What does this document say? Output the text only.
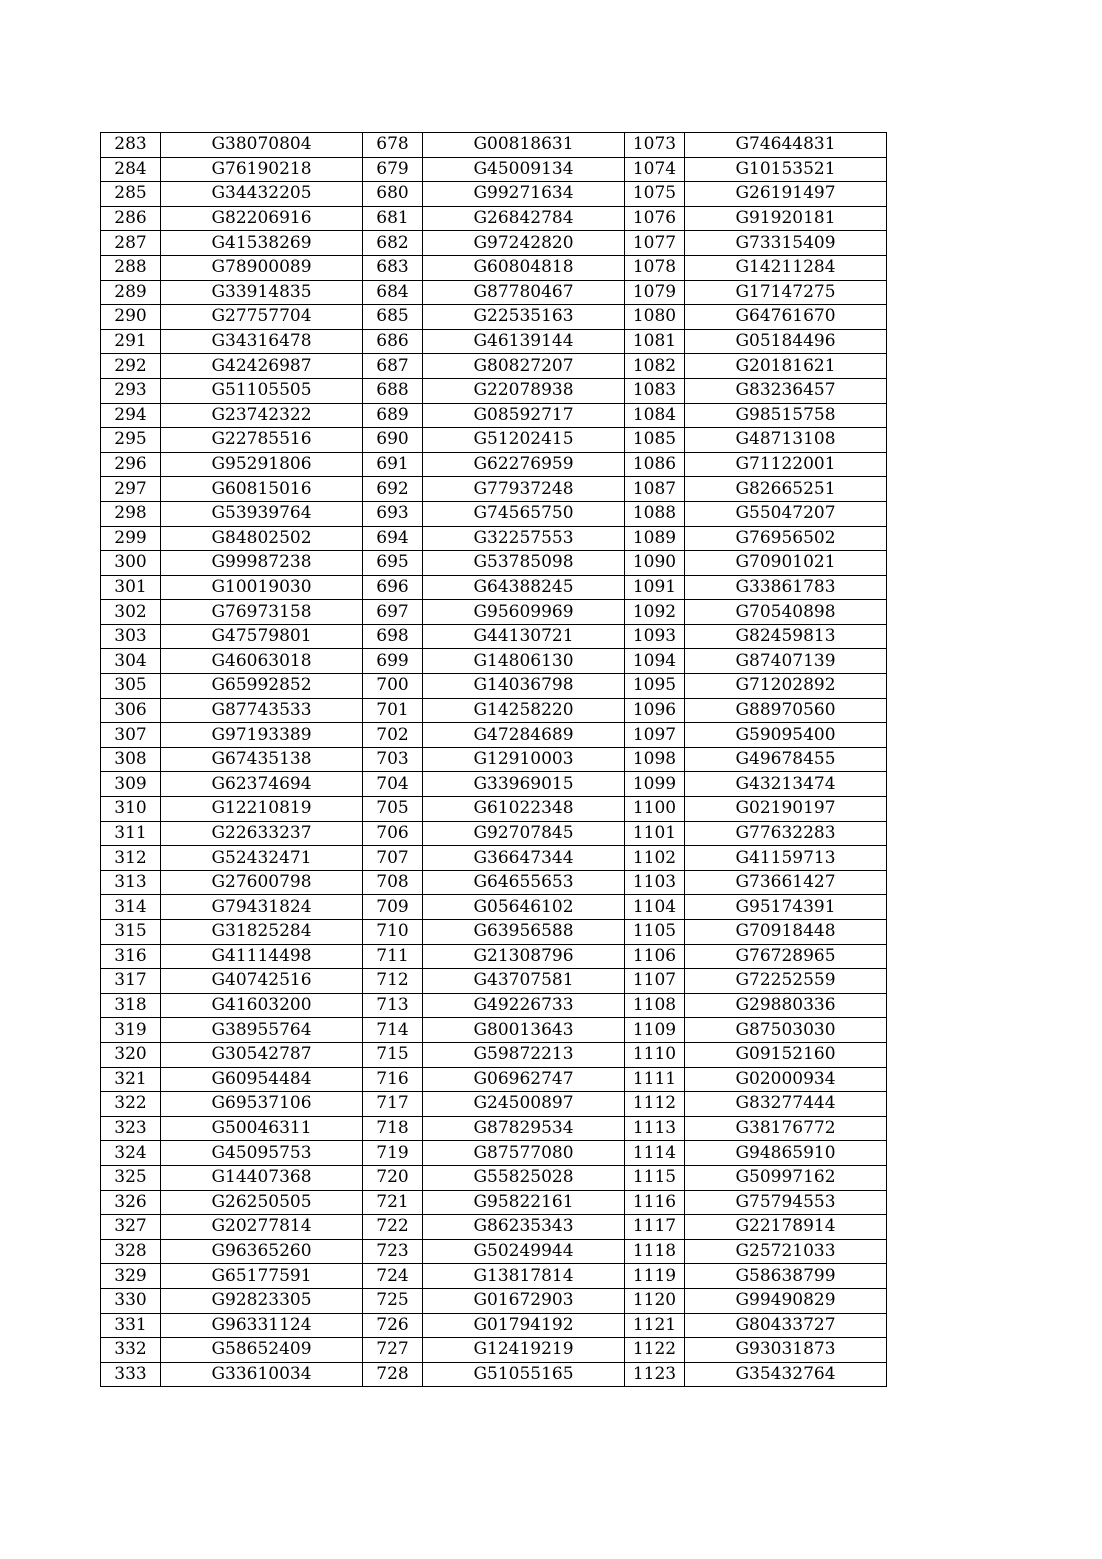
283	G38070804	678	G00818631	1073	G74644831
284	G76190218	679	G45009134	1074	G10153521
285	G34432205	680	G99271634	1075	G26191497
286	G82206916	681	G26842784	1076	G91920181
287	G41538269	682	G97242820	1077	G73315409
288	G78900089	683	G60804818	1078	G14211284
289	G33914835	684	G87780467	1079	G17147275
290	G27757704	685	G22535163	1080	G64761670
291	G34316478	686	G46139144	1081	G05184496
292	G42426987	687	G80827207	1082	G20181621
293	G51105505	688	G22078938	1083	G83236457
294	G23742322	689	G08592717	1084	G98515758
295	G22785516	690	G51202415	1085	G48713108
296	G95291806	691	G62276959	1086	G71122001
297	G60815016	692	G77937248	1087	G82665251
298	G53939764	693	G74565750	1088	G55047207
299	G84802502	694	G32257553	1089	G76956502
300	G99987238	695	G53785098	1090	G70901021
301	G10019030	696	G64388245	1091	G33861783
302	G76973158	697	G95609969	1092	G70540898
303	G47579801	698	G44130721	1093	G82459813
304	G46063018	699	G14806130	1094	G87407139
305	G65992852	700	G14036798	1095	G71202892
306	G87743533	701	G14258220	1096	G88970560
307	G97193389	702	G47284689	1097	G59095400
308	G67435138	703	G12910003	1098	G49678455
309	G62374694	704	G33969015	1099	G43213474
310	G12210819	705	G61022348	1100	G02190197
311	G22633237	706	G92707845	1101	G77632283
312	G52432471	707	G36647344	1102	G41159713
313	G27600798	708	G64655653	1103	G73661427
314	G79431824	709	G05646102	1104	G95174391
315	G31825284	710	G63956588	1105	G70918448
316	G41114498	711	G21308796	1106	G76728965
317	G40742516	712	G43707581	1107	G72252559
318	G41603200	713	G49226733	1108	G29880336
319	G38955764	714	G80013643	1109	G87503030
320	G30542787	715	G59872213	1110	G09152160
321	G60954484	716	G06962747	1111	G02000934
322	G69537106	717	G24500897	1112	G83277444
323	G50046311	718	G87829534	1113	G38176772
324	G45095753	719	G87577080	1114	G94865910
325	G14407368	720	G55825028	1115	G50997162
326	G26250505	721	G95822161	1116	G75794553
327	G20277814	722	G86235343	1117	G22178914
328	G96365260	723	G50249944	1118	G25721033
329	G65177591	724	G13817814	1119	G58638799
330	G92823305	725	G01672903	1120	G99490829
331	G96331124	726	G01794192	1121	G80433727
332	G58652409	727	G12419219	1122	G93031873
333	G33610034	728	G51055165	1123	G35432764
